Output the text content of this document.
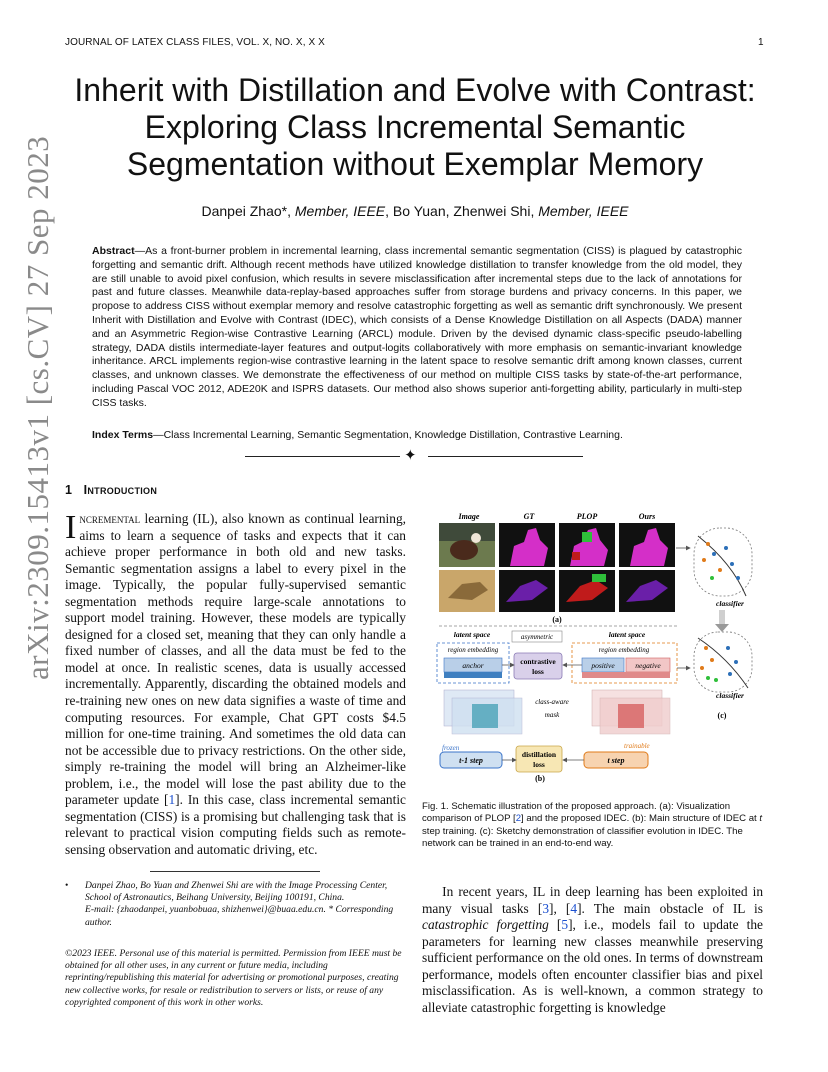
JOURNAL OF LATEX CLASS FILES, VOL. X, NO. X, X X	1
arXiv:2309.15413v1 [cs.CV] 27 Sep 2023
Inherit with Distillation and Evolve with Contrast:
Exploring Class Incremental Semantic
Segmentation without Exemplar Memory
Danpei Zhao*, Member, IEEE, Bo Yuan, Zhenwei Shi, Member, IEEE
Abstract—As a front-burner problem in incremental learning, class incremental semantic segmentation (CISS) is plagued by catastrophic forgetting and semantic drift. Although recent methods have utilized knowledge distillation to transfer knowledge from the old model, they are still unable to avoid pixel confusion, which results in severe misclassification after incremental steps due to the lack of annotations for past and future classes. Meanwhile data-replay-based approaches suffer from storage burdens and privacy concerns. In this paper, we propose to address CISS without exemplar memory and resolve catastrophic forgetting as well as semantic drift synchronously. We present Inherit with Distillation and Evolve with Contrast (IDEC), which consists of a Dense Knowledge Distillation on all Aspects (DADA) manner and an Asymmetric Region-wise Contrastive Learning (ARCL) module. Driven by the devised dynamic class-specific pseudo-labelling strategy, DADA distils intermediate-layer features and output-logits collaboratively with more emphasis on semantic-invariant knowledge inheritance. ARCL implements region-wise contrastive learning in the latent space to resolve semantic drift among known classes, current classes, and unknown classes. We demonstrate the effectiveness of our method on multiple CISS tasks by state-of-the-art performance, including Pascal VOC 2012, ADE20K and ISPRS datasets. Our method also shows superior anti-forgetting ability, particularly in multi-step CISS tasks.
Index Terms—Class Incremental Learning, Semantic Segmentation, Knowledge Distillation, Contrastive Learning.
✦
1 Introduction
Incremental learning (IL), also known as continual learning, aims to learn a sequence of tasks and expects that it can achieve proper performance in both old and new tasks. Semantic segmentation assigns a label to every pixel in the image. Typically, the popular fully-supervised semantic segmentation methods require large-scale annotations to support model training. However, these models are typically designed for a closed set, meaning that they can only handle a fixed number of classes, and all the data must be fed to the model at once. In realistic scenes, data is usually accessed incrementally. Apparently, discarding the obtained models and re-training new ones on new data signifies a waste of time and computing resources. For example, Chat GPT costs $4.5 million for one-time training. And sometimes the old data can not be accessible due to privacy restrictions. On the other side, simply re-training the model will bring an Alzheimer-like problem, i.e., the model will lose the past ability due to the parameter update [1]. In this case, class incremental semantic segmentation (CISS) is a promising but challenging task that is relevant to practical vision computing fields such as remote-sensing observation and automatic driving, etc.
• Danpei Zhao, Bo Yuan and Zhenwei Shi are with the Image Processing Center, School of Astronautics, Beihang University, Beijing 100191, China.
E-mail: {zhaodanpei, yuanbobuaa, shizhenwei}@buaa.edu.cn. * Corresponding author.
©2023 IEEE. Personal use of this material is permitted. Permission from IEEE must be obtained for all other uses, in any current or future media, including reprinting/republishing this material for advertising or promotional purposes, creating new collective works, for resale or redistribution to servers or lists, or reuse of any copyrighted component of this work in other works.
Image	GT	PLOP	Ours
(a)
latent space	latent space
asymmetric
region embedding
anchor	contrastive
loss
region embedding
positive	negative
class-aware
mask
frozen	trainable
t-1 step
distillation
loss	t step
(b)
classifier
classifier
(c)
Fig. 1. Schematic illustration of the proposed approach. (a): Visualization comparison of PLOP [2] and the proposed IDEC. (b): Main structure of IDEC at t step training. (c): Sketchy demonstration of classifier evolution in IDEC. The network can be trained in an end-to-end way.
In recent years, IL in deep learning has been exploited in many visual tasks [3], [4]. The main obstacle of IL is catastrophic forgetting [5], i.e., models fail to update the parameters for learning new classes meanwhile preserving sufficient performance on the old ones. In terms of downstream performance, models often encounter classifier bias and pixel misclassification. As is well-known, a common strategy to alleviate catastrophic forgetting is knowledge
